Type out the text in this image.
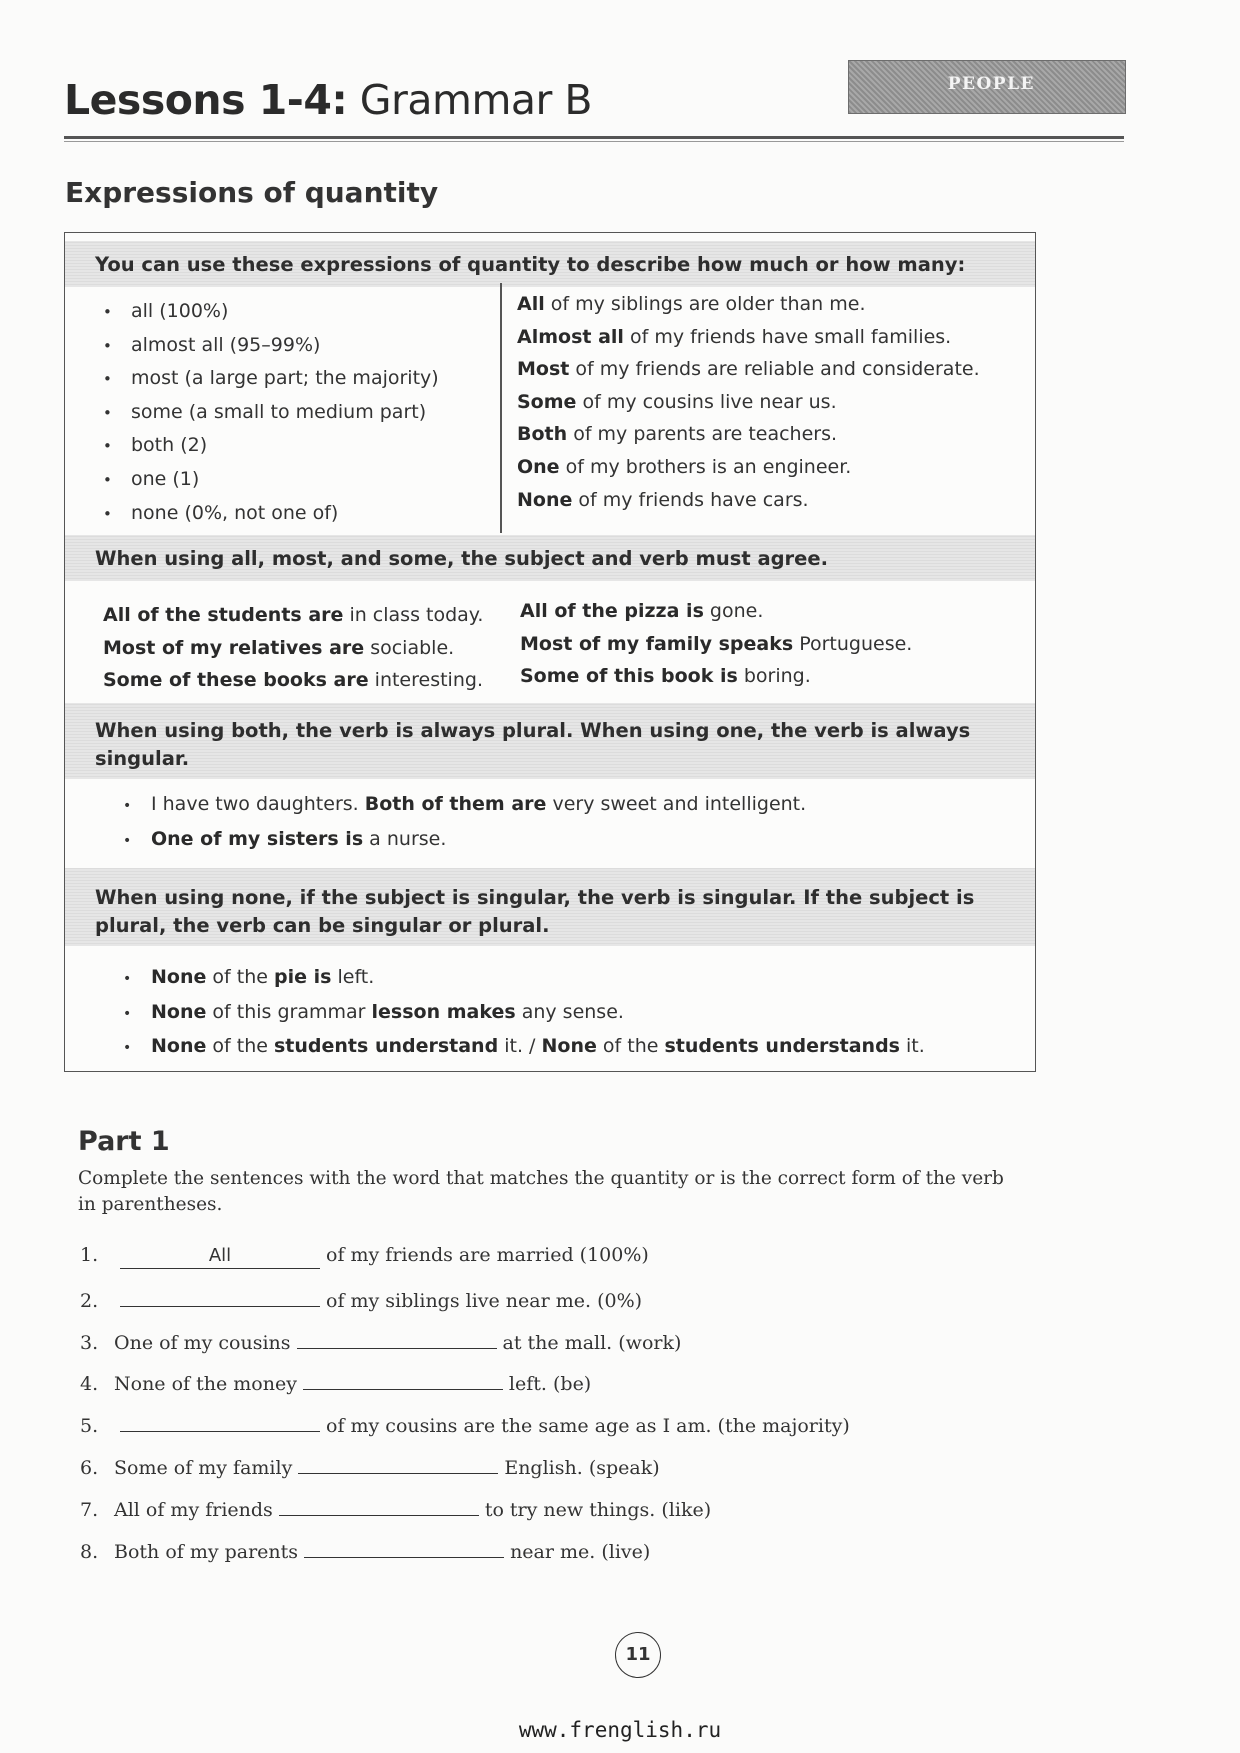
Lessons 1-4: Grammar B	PEOPLE
Expressions of quantity
You can use these expressions of quantity to describe how much or how many:
• all (100%)
• almost all (95–99%)
• most (a large part; the majority)
• some (a small to medium part)
• both (2)
• one (1)
• none (0%, not one of)
All of my siblings are older than me.
Almost all of my friends have small families.
Most of my friends are reliable and considerate.
Some of my cousins live near us.
Both of my parents are teachers.
One of my brothers is an engineer.
None of my friends have cars.
When using all, most, and some, the subject and verb must agree.
All of the students are in class today.
Most of my relatives are sociable.
Some of these books are interesting.
All of the pizza is gone.
Most of my family speaks Portuguese.
Some of this book is boring.
When using both, the verb is always plural. When using one, the verb is always singular.
• I have two daughters. Both of them are very sweet and intelligent.
• One of my sisters is a nurse.
When using none, if the subject is singular, the verb is singular. If the subject is plural, the verb can be singular or plural.
• None of the pie is left.
• None of this grammar lesson makes any sense.
• None of the students understand it. / None of the students understands it.
Part 1

Complete the sentences with the word that matches the quantity or is the correct form of the verb in parentheses.

1.	All	of my friends are married (100%)
2.	of my siblings live near me. (0%)
3. One of my cousins	at the mall. (work)
4. None of the money	left. (be)
5.	of my cousins are the same age as I am. (the majority)
6. Some of my family	English. (speak)
7. All of my friends	to try new things. (like)
8. Both of my parents	near me. (live)
11
www.frenglish.ru
